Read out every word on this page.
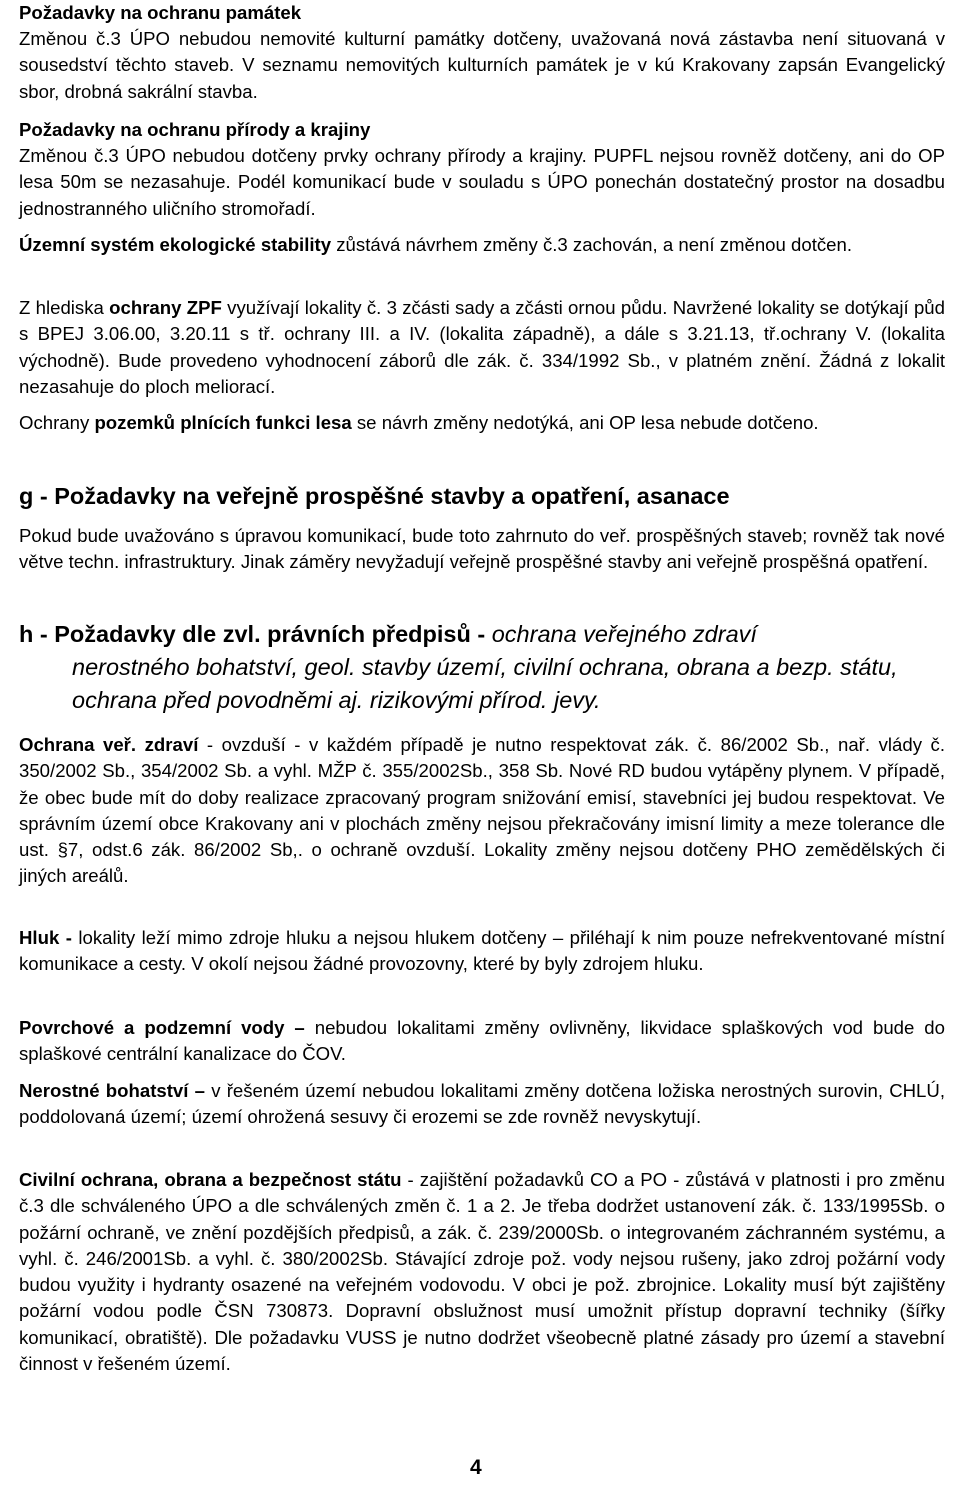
Požadavky na ochranu památek

Změnou č.3 ÚPO nebudou nemovité kulturní památky dotčeny, uvažovaná nová zástavba není situovaná v sousedství těchto staveb. V seznamu nemovitých kulturních památek je v kú Krakovany zapsán Evangelický sbor, drobná sakrální stavba.

Požadavky na ochranu přírody a krajiny

Změnou č.3 ÚPO nebudou dotčeny prvky ochrany přírody a krajiny. PUPFL nejsou rovněž dotčeny, ani do OP lesa 50m se nezasahuje. Podél komunikací bude v souladu s ÚPO ponechán dostatečný prostor na dosadbu jednostranného uličního stromořadí.

Územní systém ekologické stability zůstává návrhem změny č.3 zachován, a není změnou dotčen.

Z hlediska ochrany ZPF využívají lokality č. 3 zčásti sady a zčásti ornou půdu. Navržené lokality se dotýkají půd s BPEJ 3.06.00, 3.20.11 s tř. ochrany III. a IV. (lokalita západně), a dále s 3.21.13, tř.ochrany V. (lokalita východně). Bude provedeno vyhodnocení záborů dle zák. č. 334/1992 Sb., v platném znění. Žádná z lokalit nezasahuje do ploch meliorací.

Ochrany pozemků plnících funkci lesa se návrh změny nedotýká, ani OP lesa nebude dotčeno.

g - Požadavky na veřejně prospěšné stavby a opatření, asanace

Pokud bude uvažováno s úpravou komunikací, bude toto zahrnuto do veř. prospěšných staveb; rovněž tak nové větve techn. infrastruktury. Jinak záměry nevyžadují veřejně prospěšné stavby ani veřejně prospěšná opatření.

h - Požadavky dle zvl. právních předpisů - ochrana veřejného zdraví
nerostného bohatství, geol. stavby území, civilní ochrana, obrana a bezp. státu, ochrana před povodněmi aj. rizikovými přírod. jevy.

Ochrana veř. zdraví - ovzduší - v každém případě je nutno respektovat zák. č. 86/2002 Sb., nař. vlády č. 350/2002 Sb., 354/2002 Sb. a vyhl. MŽP č. 355/2002Sb., 358 Sb. Nové RD budou vytápěny plynem. V případě, že obec bude mít do doby realizace zpracovaný program snižování emisí, stavebníci jej budou respektovat. Ve správním území obce Krakovany ani v plochách změny nejsou překračovány imisní limity a meze tolerance dle ust. §7, odst.6 zák. 86/2002 Sb,. o ochraně ovzduší. Lokality změny nejsou dotčeny PHO zemědělských či jiných areálů.

Hluk - lokality leží mimo zdroje hluku a nejsou hlukem dotčeny – přiléhají k nim pouze nefrekventované místní komunikace a cesty. V okolí nejsou žádné provozovny, které by byly zdrojem hluku.

Povrchové a podzemní vody – nebudou lokalitami změny ovlivněny, likvidace splaškových vod bude do splaškové centrální kanalizace do ČOV.

Nerostné bohatství – v řešeném území nebudou lokalitami změny dotčena ložiska nerostných surovin, CHLÚ, poddolovaná území; území ohrožená sesuvy či erozemi se zde rovněž nevyskytují.

Civilní ochrana, obrana a bezpečnost státu - zajištění požadavků CO a PO - zůstává v platnosti i pro změnu č.3 dle schváleného ÚPO a dle schválených změn č. 1 a 2. Je třeba dodržet ustanovení zák. č. 133/1995Sb. o požární ochraně, ve znění pozdějších předpisů, a zák. č. 239/2000Sb. o integrovaném záchranném systému, a vyhl. č. 246/2001Sb. a vyhl. č. 380/2002Sb. Stávající zdroje pož. vody nejsou rušeny, jako zdroj požární vody budou využity i hydranty osazené na veřejném vodovodu. V obci je pož. zbrojnice. Lokality musí být zajištěny požární vodou podle ČSN 730873. Dopravní obslužnost musí umožnit přístup dopravní techniky (šířky komunikací, obratiště). Dle požadavku VUSS je nutno dodržet všeobecně platné zásady pro území a stavební činnost v řešeném území.

4
